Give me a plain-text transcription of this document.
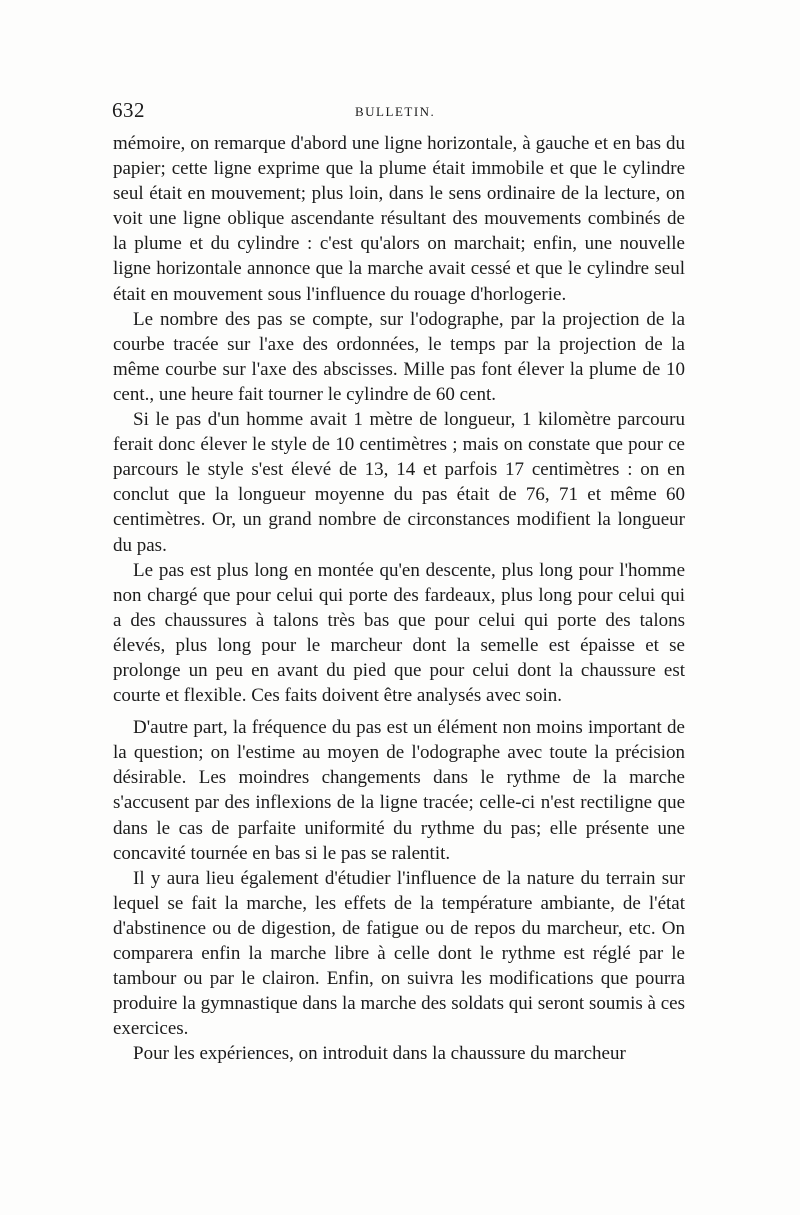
632	BULLETIN.

mémoire, on remarque d'abord une ligne horizontale, à gauche et en bas du papier; cette ligne exprime que la plume était immobile et que le cylindre seul était en mouvement; plus loin, dans le sens ordinaire de la lecture, on voit une ligne oblique ascendante résultant des mouvements combinés de la plume et du cylindre : c'est qu'alors on marchait; enfin, une nouvelle ligne horizontale annonce que la marche avait cessé et que le cylindre seul était en mouvement sous l'influence du rouage d'horlogerie.

Le nombre des pas se compte, sur l'odographe, par la projection de la courbe tracée sur l'axe des ordonnées, le temps par la projection de la même courbe sur l'axe des abscisses. Mille pas font élever la plume de 10 cent., une heure fait tourner le cylindre de 60 cent.

Si le pas d'un homme avait 1 mètre de longueur, 1 kilomètre parcouru ferait donc élever le style de 10 centimètres ; mais on constate que pour ce parcours le style s'est élevé de 13, 14 et parfois 17 centimètres : on en conclut que la longueur moyenne du pas était de 76, 71 et même 60 centimètres. Or, un grand nombre de circonstances modifient la longueur du pas.

Le pas est plus long en montée qu'en descente, plus long pour l'homme non chargé que pour celui qui porte des fardeaux, plus long pour celui qui a des chaussures à talons très bas que pour celui qui porte des talons élevés, plus long pour le marcheur dont la semelle est épaisse et se prolonge un peu en avant du pied que pour celui dont la chaussure est courte et flexible. Ces faits doivent être analysés avec soin.

D'autre part, la fréquence du pas est un élément non moins important de la question; on l'estime au moyen de l'odographe avec toute la précision désirable. Les moindres changements dans le rythme de la marche s'accusent par des inflexions de la ligne tracée; celle-ci n'est rectiligne que dans le cas de parfaite uniformité du rythme du pas; elle présente une concavité tournée en bas si le pas se ralentit.

Il y aura lieu également d'étudier l'influence de la nature du terrain sur lequel se fait la marche, les effets de la température ambiante, de l'état d'abstinence ou de digestion, de fatigue ou de repos du marcheur, etc. On comparera enfin la marche libre à celle dont le rythme est réglé par le tambour ou par le clairon. Enfin, on suivra les modifications que pourra produire la gymnastique dans la marche des soldats qui seront soumis à ces exercices.

Pour les expériences, on introduit dans la chaussure du marcheur
